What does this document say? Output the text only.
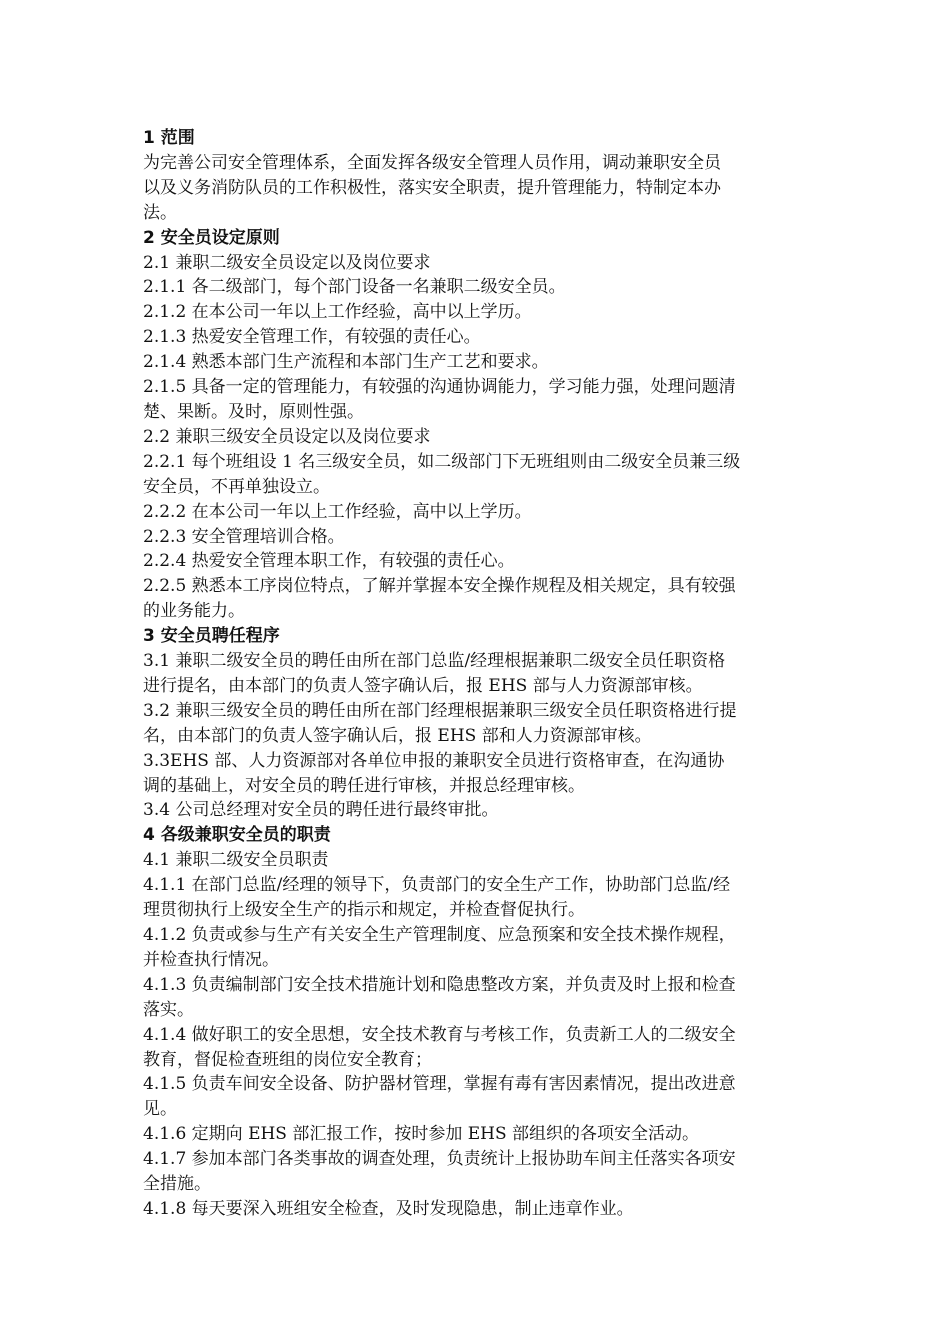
1 范围

为完善公司安全管理体系，全面发挥各级安全管理人员作用，调动兼职安全员

以及义务消防队员的工作积极性，落实安全职责，提升管理能力，特制定本办

法。

2 安全员设定原则

2.1 兼职二级安全员设定以及岗位要求

2.1.1 各二级部门，每个部门设备一名兼职二级安全员。

2.1.2 在本公司一年以上工作经验，高中以上学历。

2.1.3 热爱安全管理工作，有较强的责任心。

2.1.4 熟悉本部门生产流程和本部门生产工艺和要求。

2.1.5 具备一定的管理能力，有较强的沟通协调能力，学习能力强，处理问题清

楚、果断。及时，原则性强。

2.2 兼职三级安全员设定以及岗位要求

2.2.1 每个班组设 1 名三级安全员，如二级部门下无班组则由二级安全员兼三级

安全员，不再单独设立。

2.2.2 在本公司一年以上工作经验，高中以上学历。

2.2.3 安全管理培训合格。

2.2.4 热爱安全管理本职工作，有较强的责任心。

2.2.5 熟悉本工序岗位特点，了解并掌握本安全操作规程及相关规定，具有较强

的业务能力。

3 安全员聘任程序

3.1 兼职二级安全员的聘任由所在部门总监/经理根据兼职二级安全员任职资格

进行提名，由本部门的负责人签字确认后，报 EHS 部与人力资源部审核。

3.2 兼职三级安全员的聘任由所在部门经理根据兼职三级安全员任职资格进行提

名，由本部门的负责人签字确认后，报 EHS 部和人力资源部审核。

3.3EHS 部、人力资源部对各单位申报的兼职安全员进行资格审查，在沟通协

调的基础上，对安全员的聘任进行审核，并报总经理审核。

3.4 公司总经理对安全员的聘任进行最终审批。

4 各级兼职安全员的职责

4.1 兼职二级安全员职责

4.1.1 在部门总监/经理的领导下，负责部门的安全生产工作，协助部门总监/经

理贯彻执行上级安全生产的指示和规定，并检查督促执行。

4.1.2 负责或参与生产有关安全生产管理制度、应急预案和安全技术操作规程，

并检查执行情况。

4.1.3 负责编制部门安全技术措施计划和隐患整改方案，并负责及时上报和检查

落实。

4.1.4 做好职工的安全思想，安全技术教育与考核工作，负责新工人的二级安全

教育，督促检查班组的岗位安全教育；

4.1.5 负责车间安全设备、防护器材管理，掌握有毒有害因素情况，提出改进意

见。

4.1.6 定期向 EHS 部汇报工作，按时参加 EHS 部组织的各项安全活动。

4.1.7 参加本部门各类事故的调查处理，负责统计上报协助车间主任落实各项安

全措施。

4.1.8 每天要深入班组安全检查，及时发现隐患，制止违章作业。
